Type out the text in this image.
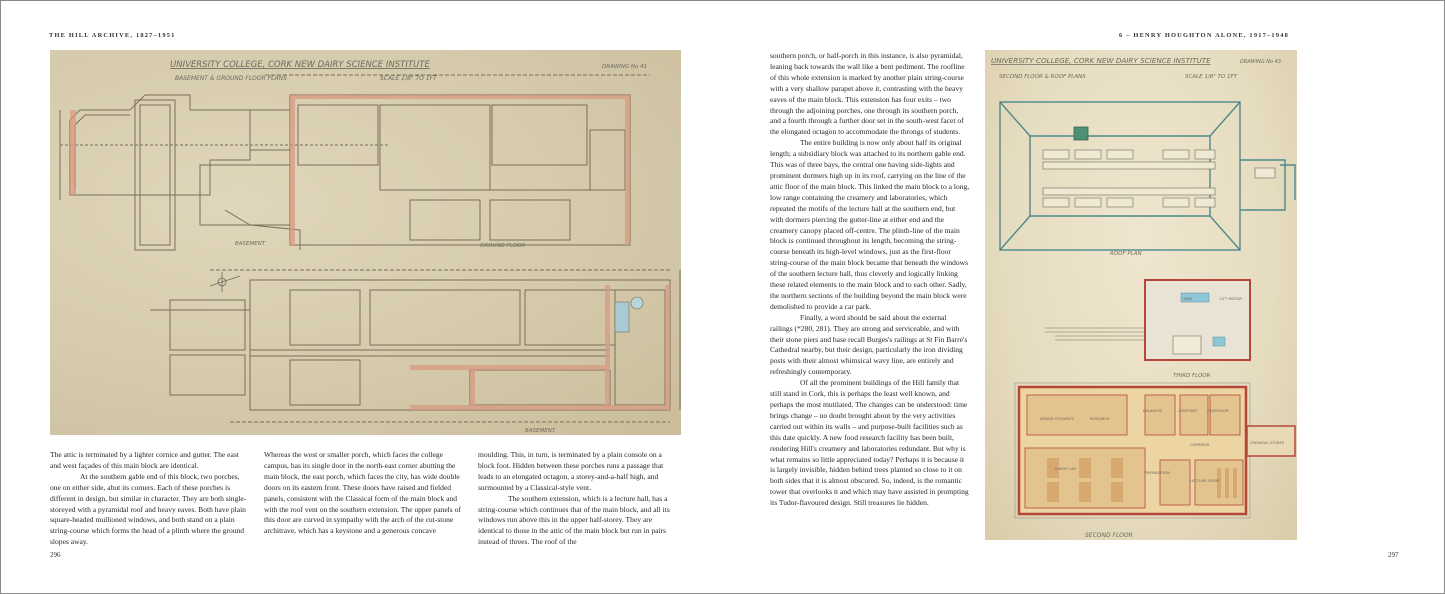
THE HILL ARCHIVE, 1827–1951	6 – HENRY HOUGHTON ALONE, 1917–1948
UNIVERSITY COLLEGE, CORK NEW DAIRY SCIENCE INSTITUTE
BASEMENT & GROUND FLOOR PLANS	SCALE 1/8" TO 1FT
DRAWING No 41
BASEMENT	GROUND FLOOR
BASEMENT

The attic is terminated by a lighter cornice and gutter. The east and west façades of this main block are identical.

At the southern gable end of this block, two porches, one on either side, abut its corners. Each of these porches is different in design, but similar in character. They are both single-storeyed with a pyramidal roof and heavy eaves. Both have plain square-headed mullioned windows, and both stand on a plain string-course which forms the head of a plinth where the ground slopes away.

Whereas the west or smaller porch, which faces the college campus, has its single door in the north-east corner abutting the main block, the east porch, which faces the city, has wide double doors on its eastern front. These doors have raised and fielded panels, consistent with the Classical form of the main block and with the roof vent on the southern extension. The upper panels of this door are curved in sympathy with the arch of the cut-stone architrave, which has a keystone and a generous concave

moulding. This, in turn, is terminated by a plain console on a block foot. Hidden between these porches runs a passage that leads to an elongated octagon, a storey-and-a-half high, and surmounted by a Classical-style vent.

The southern extension, which is a lecture hall, has a string-course which continues that of the main block, and all its windows run above this in the upper half-storey. They are identical to those in the attic of the main block but run in pairs instead of threes. The roof of the

296

southern porch, or half-porch in this instance, is also pyramidal, leaning back towards the wall like a bent pediment. The roofline of this whole extension is marked by another plain string-course with a very shallow parapet above it, contrasting with the heavy eaves of the main block. This extension has four exits – two through the adjoining porches, one through its southern porch, and a fourth through a further door set in the south-west facet of the elongated octagon to accommodate the throngs of students.

The entire building is now only about half its original length; a subsidiary block was attached to its northern gable end. This was of three bays, the central one having side-lights and prominent dormers high up in its roof, carrying on the line of the attic floor of the main block. This linked the main block to a long, low range containing the creamery and laboratories, which repeated the motifs of the lecture hall at the southern end, but with dormers piercing the gutter-line at either end and the creamery canopy placed off-centre. The plinth-line of the main block is continued throughout its length, becoming the string-course beneath its high-level windows, just as the first-floor string-course of the main block became that beneath the windows of the southern lecture hall, thus cleverly and logically linking these related elements to the main block and to each other. Sadly, the northern sections of the building beyond the main block were demolished to provide a car park.

Finally, a word should be said about the external railings (*280, 281). They are strong and serviceable, and with their stone piers and base recall Burges's railings at St Fin Barre's Cathedral nearby, but their design, particularly the iron dividing posts with their almost whimsical wavy line, are entirely and refreshingly contemporary.

Of all the prominent buildings of the Hill family that still stand in Cork, this is perhaps the least well known, and perhaps the most mutilated. The changes can be understood: time brings change – no doubt brought about by the very activities carried out within its walls – and purpose-built facilities such as this date quickly. A new food research facility has been built, rendering Hill's creamery and laboratories redundant. But why is what remains so little appreciated today? Perhaps it is because it is largely invisible, hidden behind trees planted so close to it on both sides that it is almost obscured. So, indeed, is the romantic tower that overlooks it and which may have assisted in prompting its Tudor-flavoured design. Still treasures lie hidden.

UNIVERSITY COLLEGE, CORK NEW DAIRY SCIENCE INSTITUTE
SECOND FLOOR & ROOF PLANS	SCALE 1/8" TO 1FT
DRAWING No 43
ROOF PLAN
LIFT MOTOR
TANK
THIRD FLOOR
SENIOR STUDENTS	RESEARCH
BALANCES	ASSISTANT	PROFESSOR
CORRIDOR
JUNIOR LAB
PREPARATION
LECTURE ROOM
CHEMICAL STORES
SECOND FLOOR
297
